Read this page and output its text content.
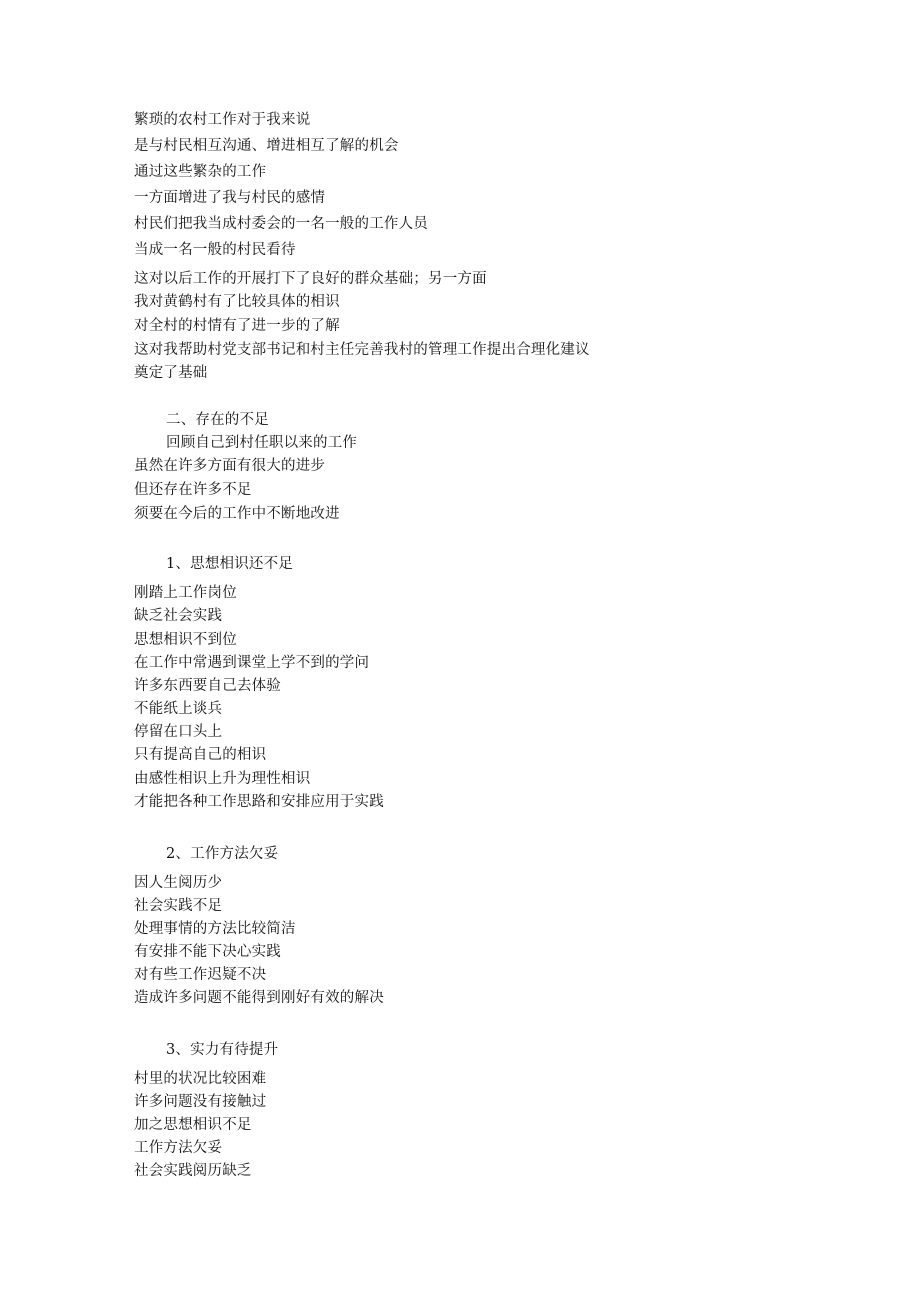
繁琐的农村工作对于我来说
是与村民相互沟通、增进相互了解的机会
通过这些繁杂的工作
一方面增进了我与村民的感情
村民们把我当成村委会的一名一般的工作人员
当成一名一般的村民看待
这对以后工作的开展打下了良好的群众基础；另一方面
我对黄鹤村有了比较具体的相识
对全村的村情有了进一步的了解
这对我帮助村党支部书记和村主任完善我村的管理工作提出合理化建议
奠定了基础
二、存在的不足
回顾自己到村任职以来的工作
虽然在许多方面有很大的进步
但还存在许多不足
须要在今后的工作中不断地改进
1、思想相识还不足
刚踏上工作岗位
缺乏社会实践
思想相识不到位
在工作中常遇到课堂上学不到的学问
许多东西要自己去体验
不能纸上谈兵
停留在口头上
只有提高自己的相识
由感性相识上升为理性相识
才能把各种工作思路和安排应用于实践
2、工作方法欠妥
因人生阅历少
社会实践不足
处理事情的方法比较简洁
有安排不能下决心实践
对有些工作迟疑不决
造成许多问题不能得到刚好有效的解决
3、实力有待提升
村里的状况比较困难
许多问题没有接触过
加之思想相识不足
工作方法欠妥
社会实践阅历缺乏
